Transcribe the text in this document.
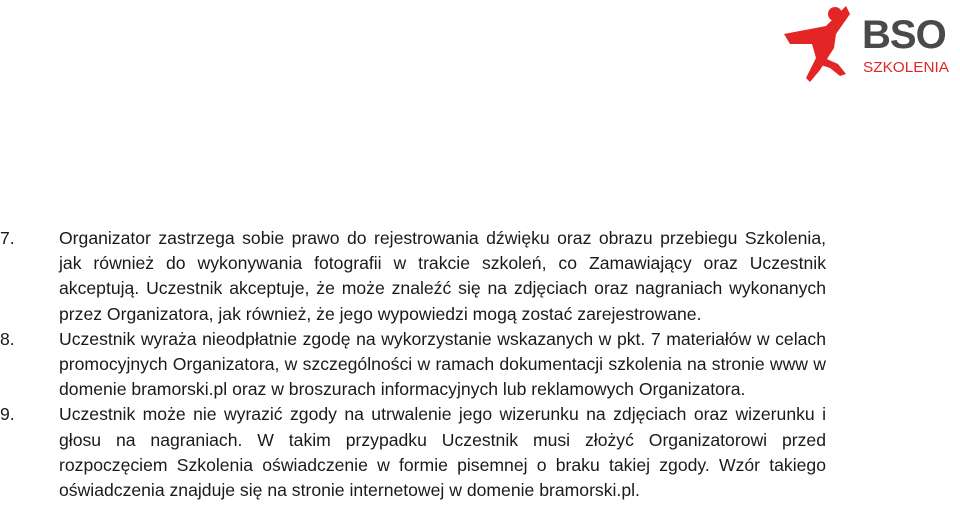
BSO
SZKOLENIA
7.	Organizator zastrzega sobie prawo do rejestrowania dźwięku oraz obrazu przebiegu Szkolenia, jak również do wykonywania fotografii w trakcie szkoleń, co Zamawiający oraz Uczestnik akceptują. Uczestnik akceptuje, że może znaleźć się na zdjęciach oraz nagraniach wykonanych przez Organizatora, jak również, że jego wypowiedzi mogą zostać zarejestrowane.
8.	Uczestnik wyraża nieodpłatnie zgodę na wykorzystanie wskazanych w pkt. 7 materiałów w celach promocyjnych Organizatora, w szczególności w ramach dokumentacji szkolenia na stronie www w domenie bramorski.pl oraz w broszurach informacyjnych lub reklamowych Organizatora.
9.	Uczestnik może nie wyrazić zgody na utrwalenie jego wizerunku na zdjęciach oraz wizerunku i głosu na nagraniach. W takim przypadku Uczestnik musi złożyć Organizatorowi przed rozpoczęciem Szkolenia oświadczenie w formie pisemnej o braku takiej zgody. Wzór takiego oświadczenia znajduje się na stronie internetowej w domenie bramorski.pl.
